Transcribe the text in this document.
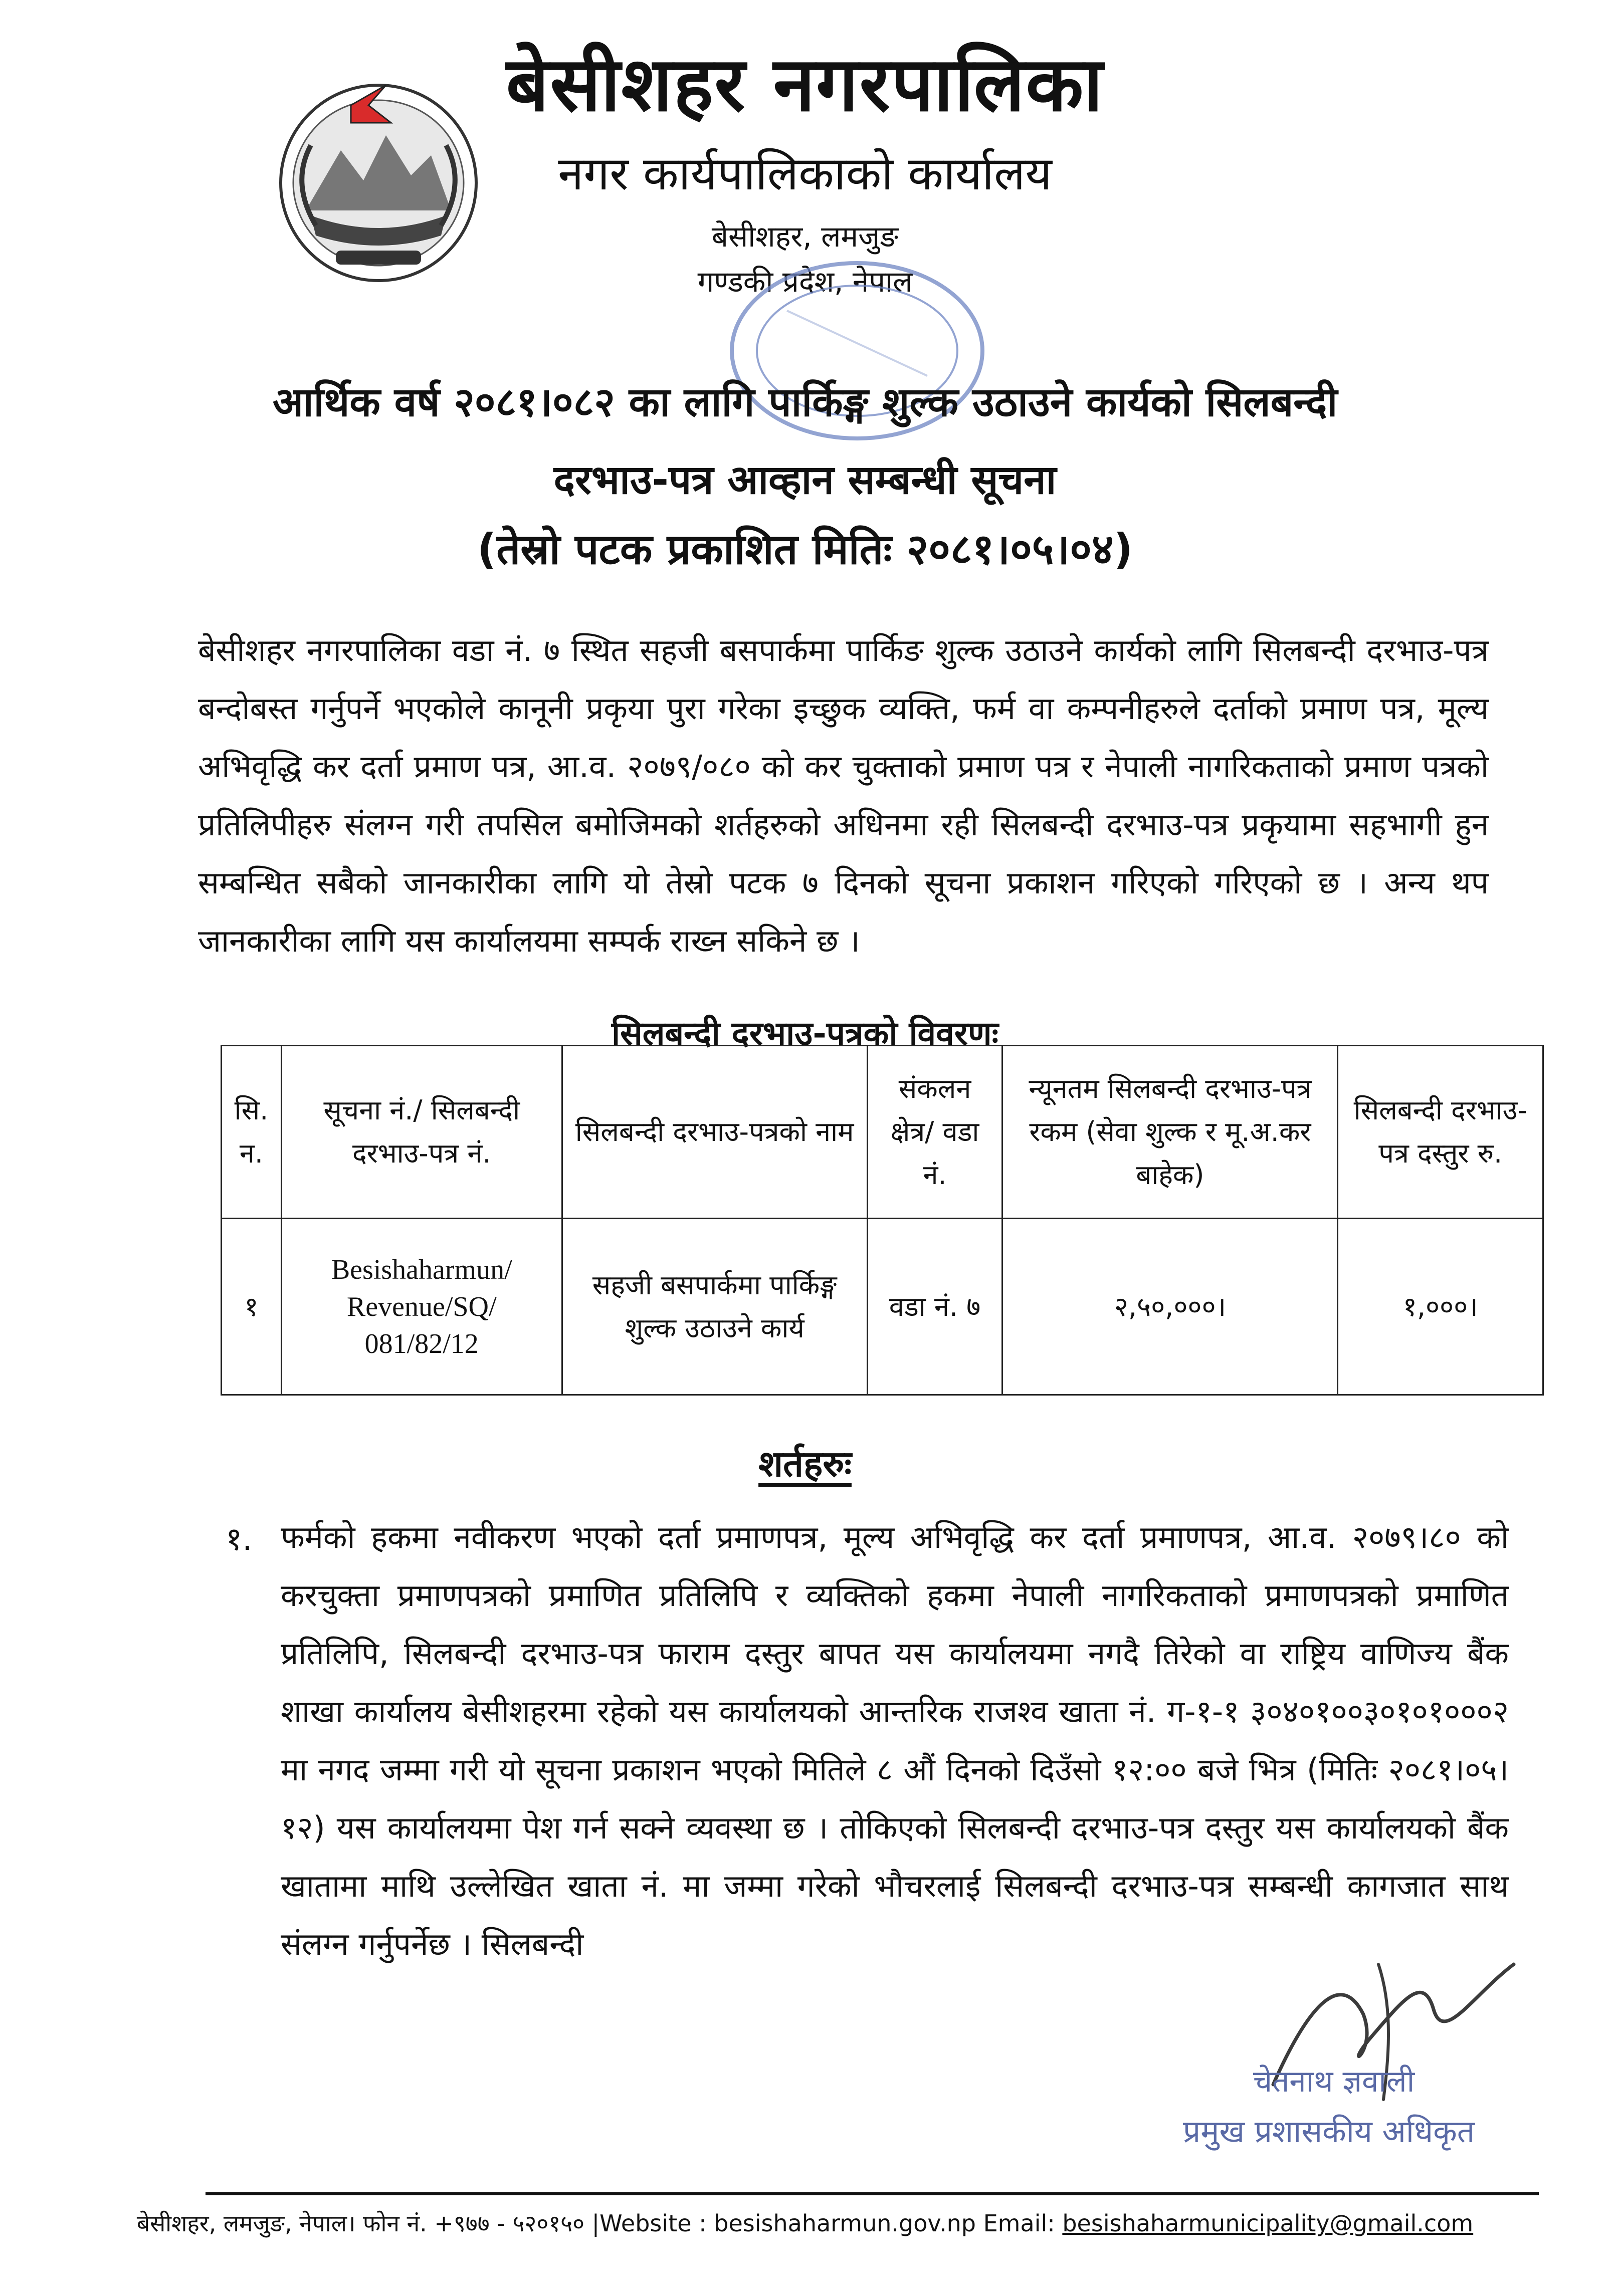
बेसीशहर नगरपालिका
नगर कार्यपालिकाको कार्यालय
बेसीशहर, लमजुङ
गण्डकी प्रदेश, नेपाल
आर्थिक वर्ष २०८१।०८२ का लागि पार्किङ्ग शुल्क उठाउने कार्यको सिलबन्दी
दरभाउ-पत्र आव्हान सम्बन्धी सूचना
(तेस्रो पटक प्रकाशित मितिः २०८१।०५।०४)
बेसीशहर नगरपालिका वडा नं. ७ स्थित सहजी बसपार्कमा पार्किङ शुल्क उठाउने कार्यको लागि सिलबन्दी दरभाउ-पत्र बन्दोबस्त गर्नुपर्ने भएकोले कानूनी प्रकृया पुरा गरेका इच्छुक व्यक्ति, फर्म वा कम्पनीहरुले दर्ताको प्रमाण पत्र, मूल्य अभिवृद्धि कर दर्ता प्रमाण पत्र, आ.व. २०७९/०८० को कर चुक्ताको प्रमाण पत्र र नेपाली नागरिकताको प्रमाण पत्रको प्रतिलिपीहरु संलग्न गरी तपसिल बमोजिमको शर्तहरुको अधिनमा रही सिलबन्दी दरभाउ-पत्र प्रकृयामा सहभागी हुन सम्बन्धित सबैको जानकारीका लागि यो तेस्रो पटक ७ दिनको सूचना प्रकाशन गरिएको गरिएको छ । अन्य थप जानकारीका लागि यस कार्यालयमा सम्पर्क राख्न सकिने छ ।
सिलबन्दी दरभाउ-पत्रको विवरणः
सि. न.	सूचना नं./ सिलबन्दी दरभाउ-पत्र नं.	सिलबन्दी दरभाउ-पत्रको नाम	संकलन क्षेत्र/ वडा नं.	न्यूनतम सिलबन्दी दरभाउ-पत्र रकम (सेवा शुल्क र मू.अ.कर बाहेक)	सिलबन्दी दरभाउ-पत्र दस्तुर रु.
१	Besishaharmun/ Revenue/SQ/ 081/82/12	सहजी बसपार्कमा पार्किङ्ग शुल्क उठाउने कार्य	वडा नं. ७	२,५०,०००।	१,०००।
शर्तहरुः
१. फर्मको हकमा नवीकरण भएको दर्ता प्रमाणपत्र, मूल्य अभिवृद्धि कर दर्ता प्रमाणपत्र, आ.व. २०७९।८० को करचुक्ता प्रमाणपत्रको प्रमाणित प्रतिलिपि र व्यक्तिको हकमा नेपाली नागरिकताको प्रमाणपत्रको प्रमाणित प्रतिलिपि, सिलबन्दी दरभाउ-पत्र फाराम दस्तुर बापत यस कार्यालयमा नगदै तिरेको वा राष्ट्रिय वाणिज्य बैंक शाखा कार्यालय बेसीशहरमा रहेको यस कार्यालयको आन्तरिक राजश्व खाता नं. ग-१-१ ३०४०१००३०१०१०००२ मा नगद जम्मा गरी यो सूचना प्रकाशन भएको मितिले ८ औं दिनको दिउँसो १२:०० बजे भित्र (मितिः २०८१।०५।१२) यस कार्यालयमा पेश गर्न सक्ने व्यवस्था छ । तोकिएको सिलबन्दी दरभाउ-पत्र दस्तुर यस कार्यालयको बैंक खातामा माथि उल्लेखित खाता नं. मा जम्मा गरेको भौचरलाई सिलबन्दी दरभाउ-पत्र सम्बन्धी कागजात साथ संलग्न गर्नुपर्नेछ । सिलबन्दी
चेतनाथ ज्ञवाली
प्रमुख प्रशासकीय अधिकृत
बेसीशहर, लमजुङ, नेपाल। फोन नं. +९७७ - ५२०१५० |Website : besishaharmun.gov.np Email: besishaharmunicipality@gmail.com
